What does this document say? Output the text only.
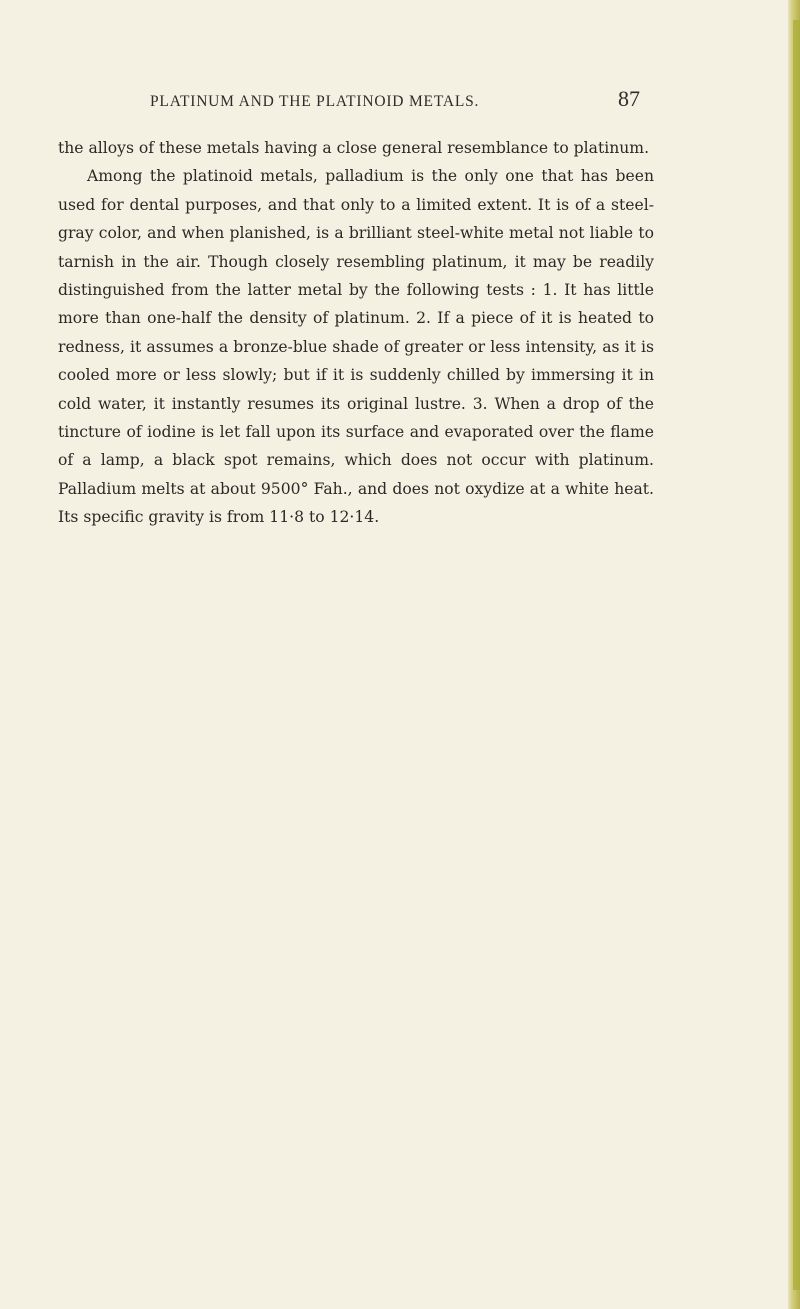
PLATINUM AND THE PLATINOID METALS.	87

the alloys of these metals having a close general resemblance to platinum.

Among the platinoid metals, palladium is the only one that has been used for dental purposes, and that only to a limited extent. It is of a steel-gray color, and when planished, is a brilliant steel-white metal not liable to tarnish in the air. Though closely resembling platinum, it may be readily distinguished from the latter metal by the following tests : 1. It has little more than one-half the density of platinum. 2. If a piece of it is heated to redness, it assumes a bronze-blue shade of greater or less intensity, as it is cooled more or less slowly; but if it is suddenly chilled by immersing it in cold water, it instantly resumes its original lustre. 3. When a drop of the tincture of iodine is let fall upon its surface and evaporated over the flame of a lamp, a black spot remains, which does not occur with platinum. Palladium melts at about 9500° Fah., and does not oxydize at a white heat. Its specific gravity is from 11·8 to 12·14.
